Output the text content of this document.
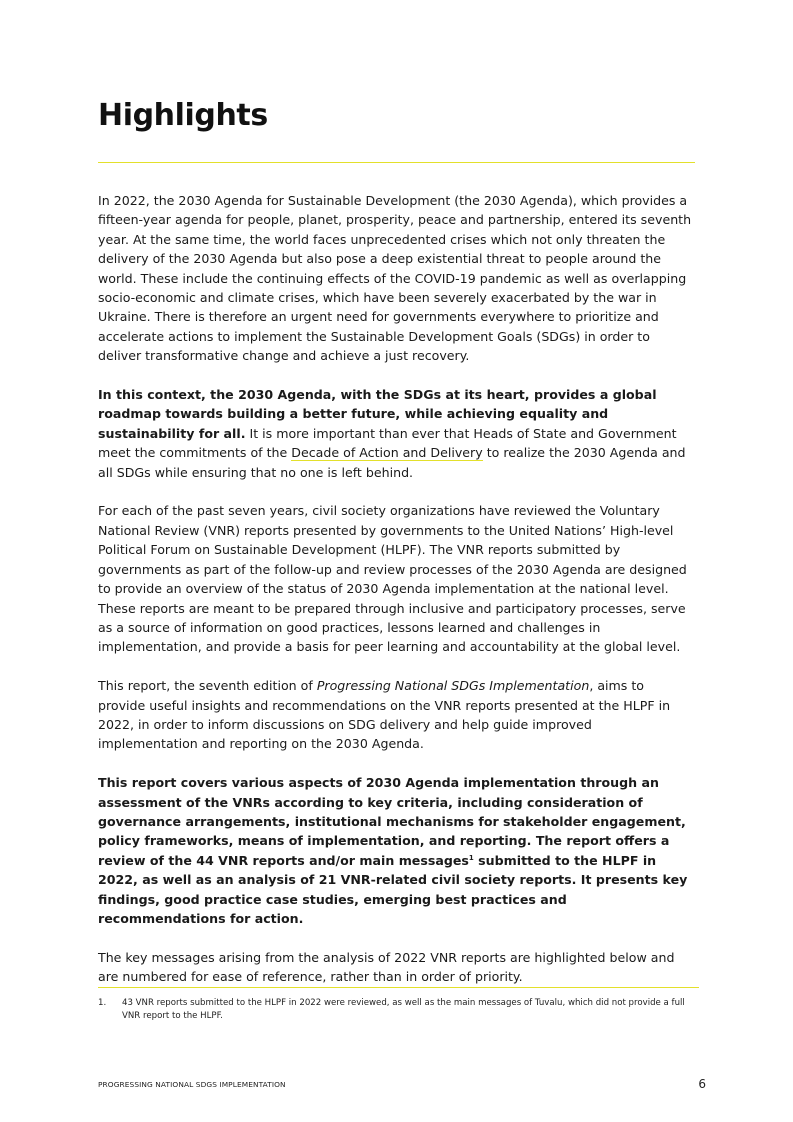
Highlights

In 2022, the 2030 Agenda for Sustainable Development (the 2030 Agenda), which provides a fifteen-year agenda for people, planet, prosperity, peace and partnership, entered its seventh year. At the same time, the world faces unprecedented crises which not only threaten the delivery of the 2030 Agenda but also pose a deep existential threat to people around the world. These include the continuing effects of the COVID-19 pandemic as well as overlapping socio-economic and climate crises, which have been severely exacerbated by the war in Ukraine. There is therefore an urgent need for governments everywhere to prioritize and accelerate actions to implement the Sustainable Development Goals (SDGs) in order to deliver transformative change and achieve a just recovery.

In this context, the 2030 Agenda, with the SDGs at its heart, provides a global roadmap towards building a better future, while achieving equality and sustainability for all. It is more important than ever that Heads of State and Government meet the commitments of the Decade of Action and Delivery to realize the 2030 Agenda and all SDGs while ensuring that no one is left behind.

For each of the past seven years, civil society organizations have reviewed the Voluntary National Review (VNR) reports presented by governments to the United Nations’ High-level Political Forum on Sustainable Development (HLPF). The VNR reports submitted by governments as part of the follow-up and review processes of the 2030 Agenda are designed to provide an overview of the status of 2030 Agenda implementation at the national level. These reports are meant to be prepared through inclusive and participatory processes, serve as a source of information on good practices, lessons learned and challenges in implementation, and provide a basis for peer learning and accountability at the global level.

This report, the seventh edition of Progressing National SDGs Implementation, aims to provide useful insights and recommendations on the VNR reports presented at the HLPF in 2022, in order to inform discussions on SDG delivery and help guide improved implementation and reporting on the 2030 Agenda.

This report covers various aspects of 2030 Agenda implementation through an assessment of the VNRs according to key criteria, including consideration of governance arrangements, institutional mechanisms for stakeholder engagement, policy frameworks, means of implementation, and reporting. The report offers a review of the 44 VNR reports and/or main messages$^1$ submitted to the HLPF in 2022, as well as an analysis of 21 VNR-related civil society reports. It presents key findings, good practice case studies, emerging best practices and recommendations for action.

The key messages arising from the analysis of 2022 VNR reports are highlighted below and are numbered for ease of reference, rather than in order of priority.

1.	43 VNR reports submitted to the HLPF in 2022 were reviewed, as well as the main messages of Tuvalu, which did not provide a full VNR report to the HLPF.
PROGRESSING NATIONAL SDGS IMPLEMENTATION	6
